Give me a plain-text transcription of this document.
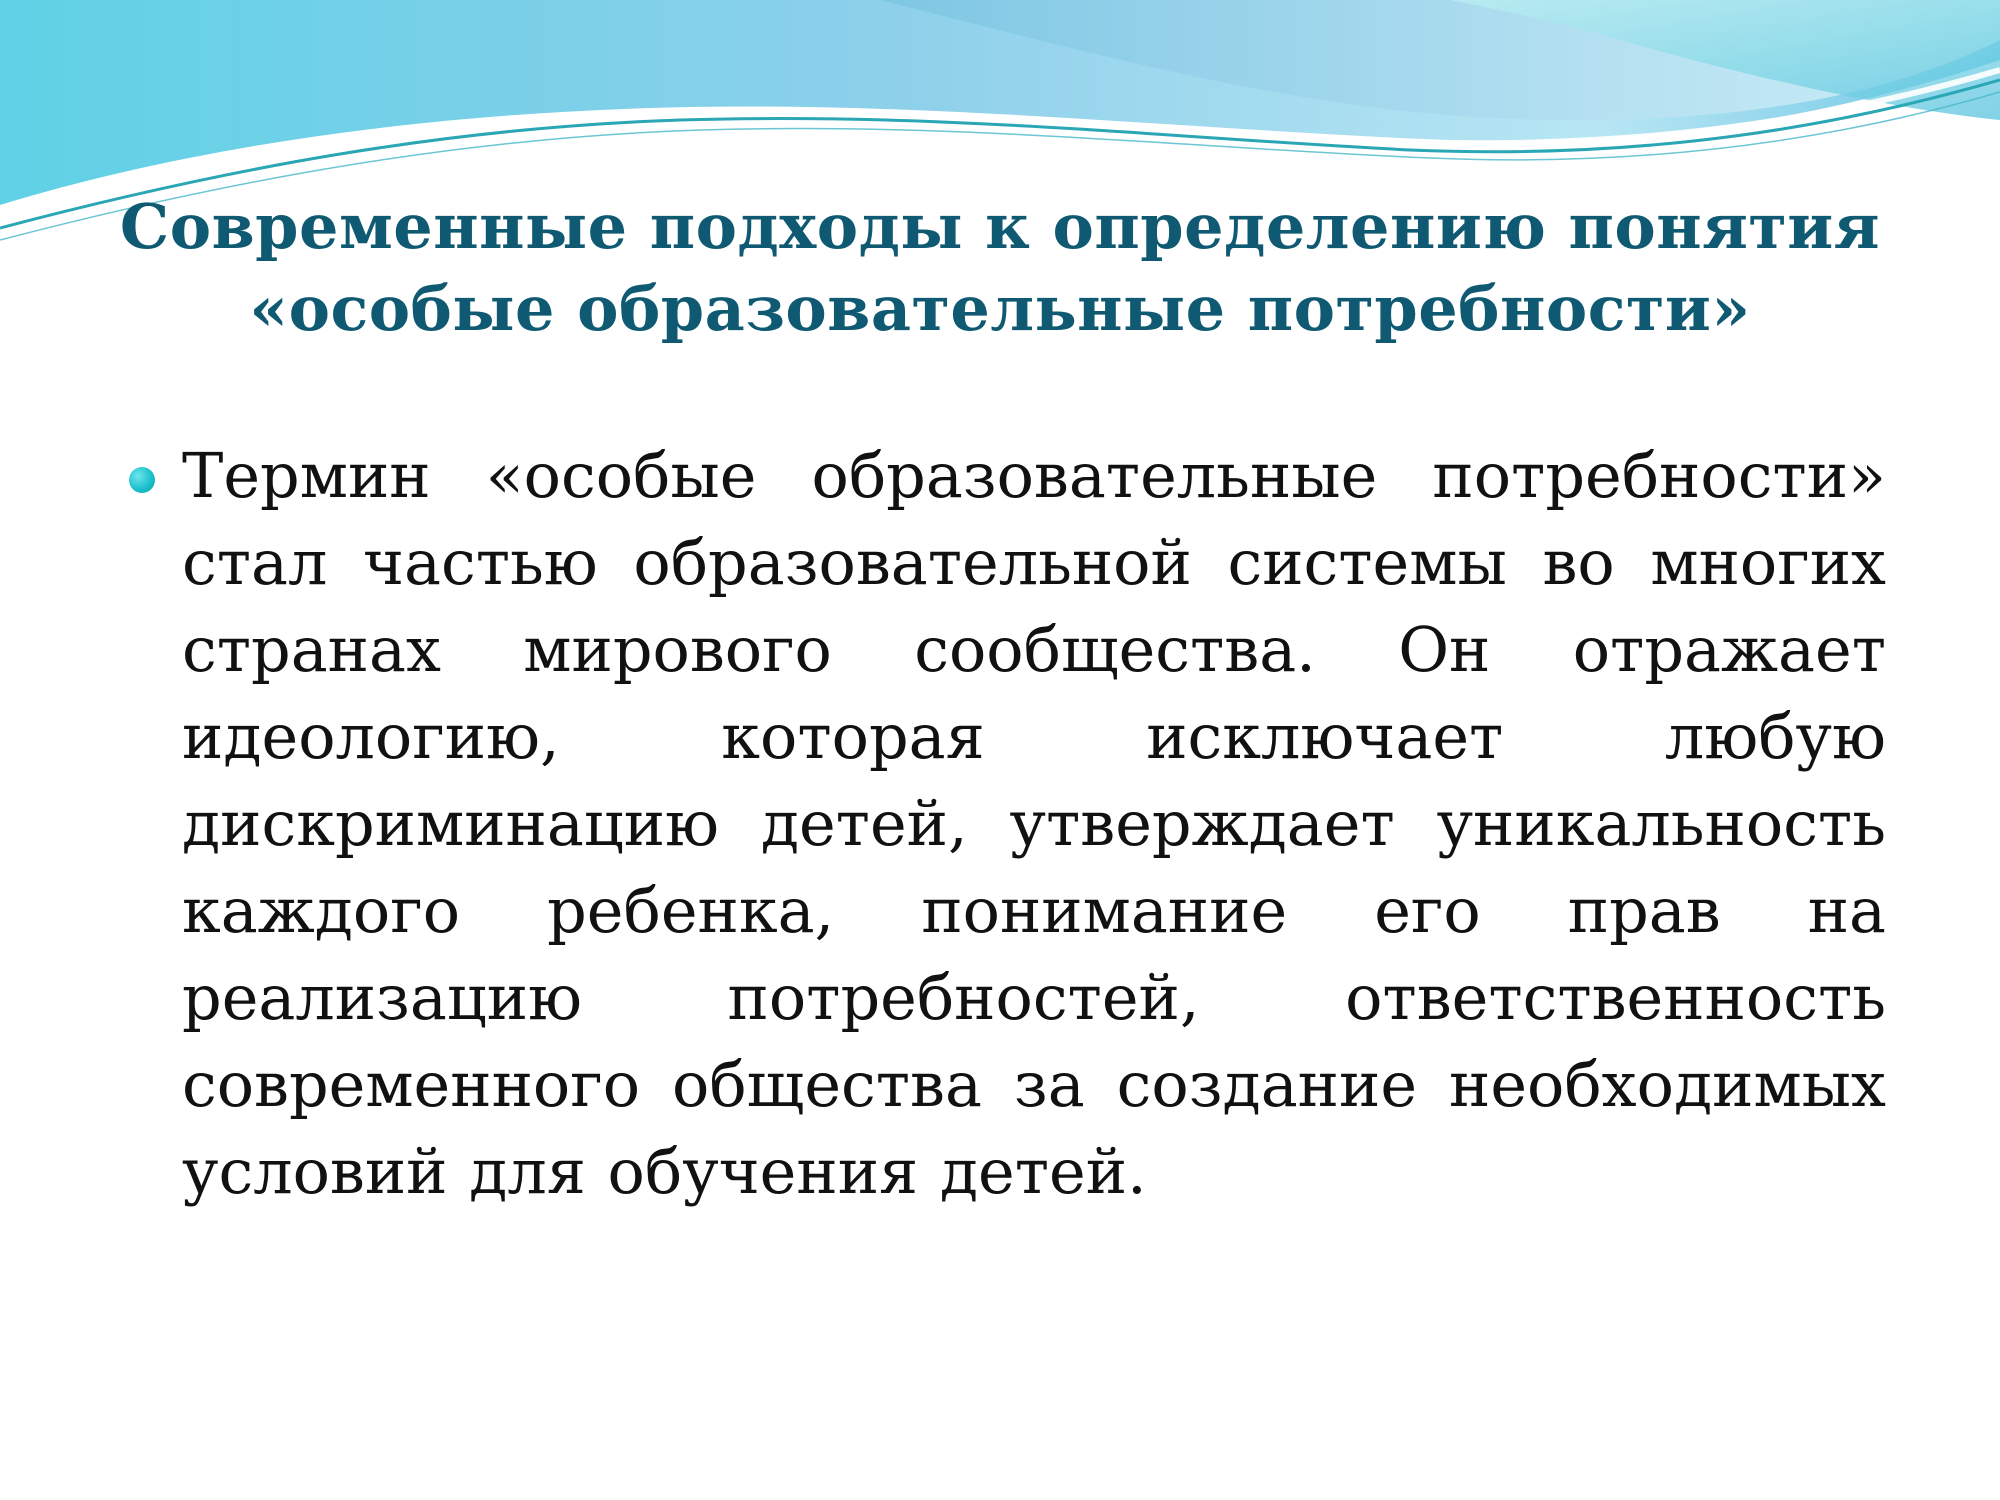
Современные подходы к определению понятия
«особые образовательные потребности»

Термин «особые образовательные потребности» стал частью образовательной системы во многих странах мирового сообщества. Он отражает идеологию, которая исключает любую дискриминацию детей, утверждает уникальность каждого ребенка, понимание его прав на реализацию потребностей, ответственность современного общества за создание необходимых условий для обучения детей.
